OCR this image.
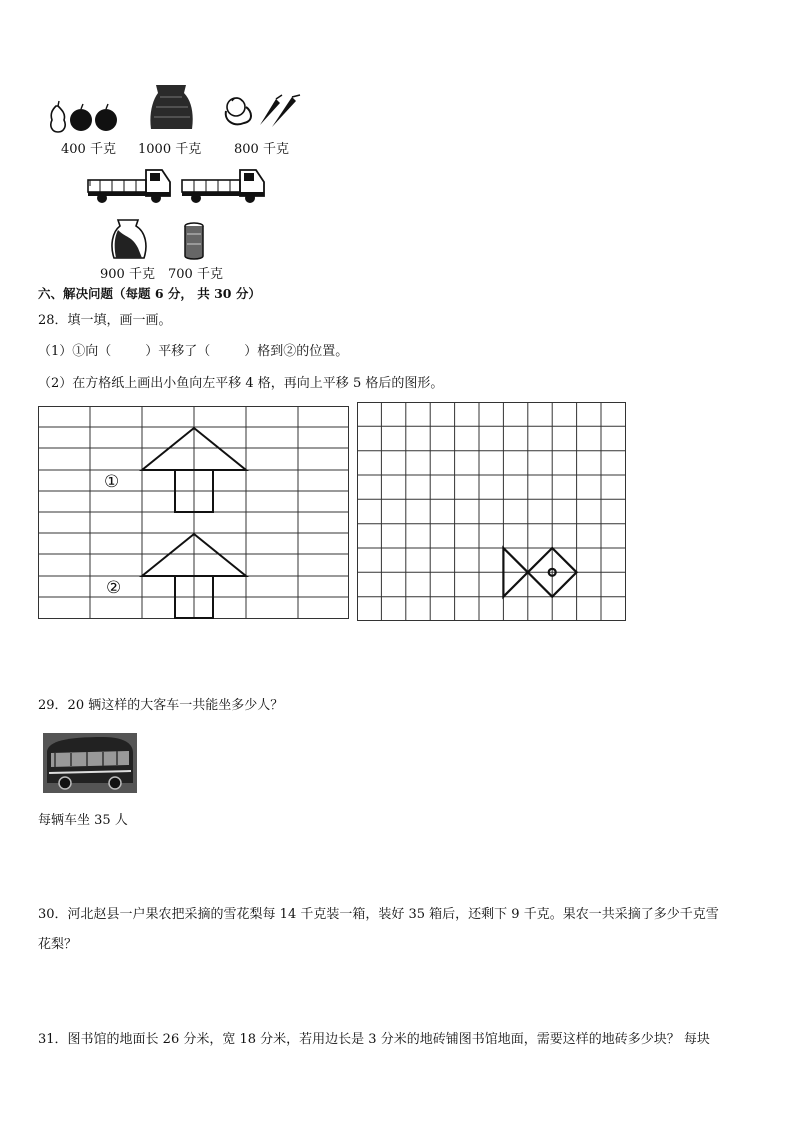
400 千克 1000 千克	800 千克
900 千克 700 千克
六、解决问题（每题 6 分， 共 30 分）
28．填一填，画一画。
（1）①向（	）平移了（	）格到②的位置。
（2）在方格纸上画出小鱼向左平移 4 格，再向上平移 5 格后的图形。
①
②
29．20 辆这样的大客车一共能坐多少人？
每辆车坐 35 人
30．河北赵县一户果农把采摘的雪花梨每 14 千克装一箱，装好 35 箱后，还剩下 9 千克。果农一共采摘了多少千克雪
花梨？
31．图书馆的地面长 26 分米，宽 18 分米，若用边长是 3 分米的地砖铺图书馆地面，需要这样的地砖多少块？ 每块
